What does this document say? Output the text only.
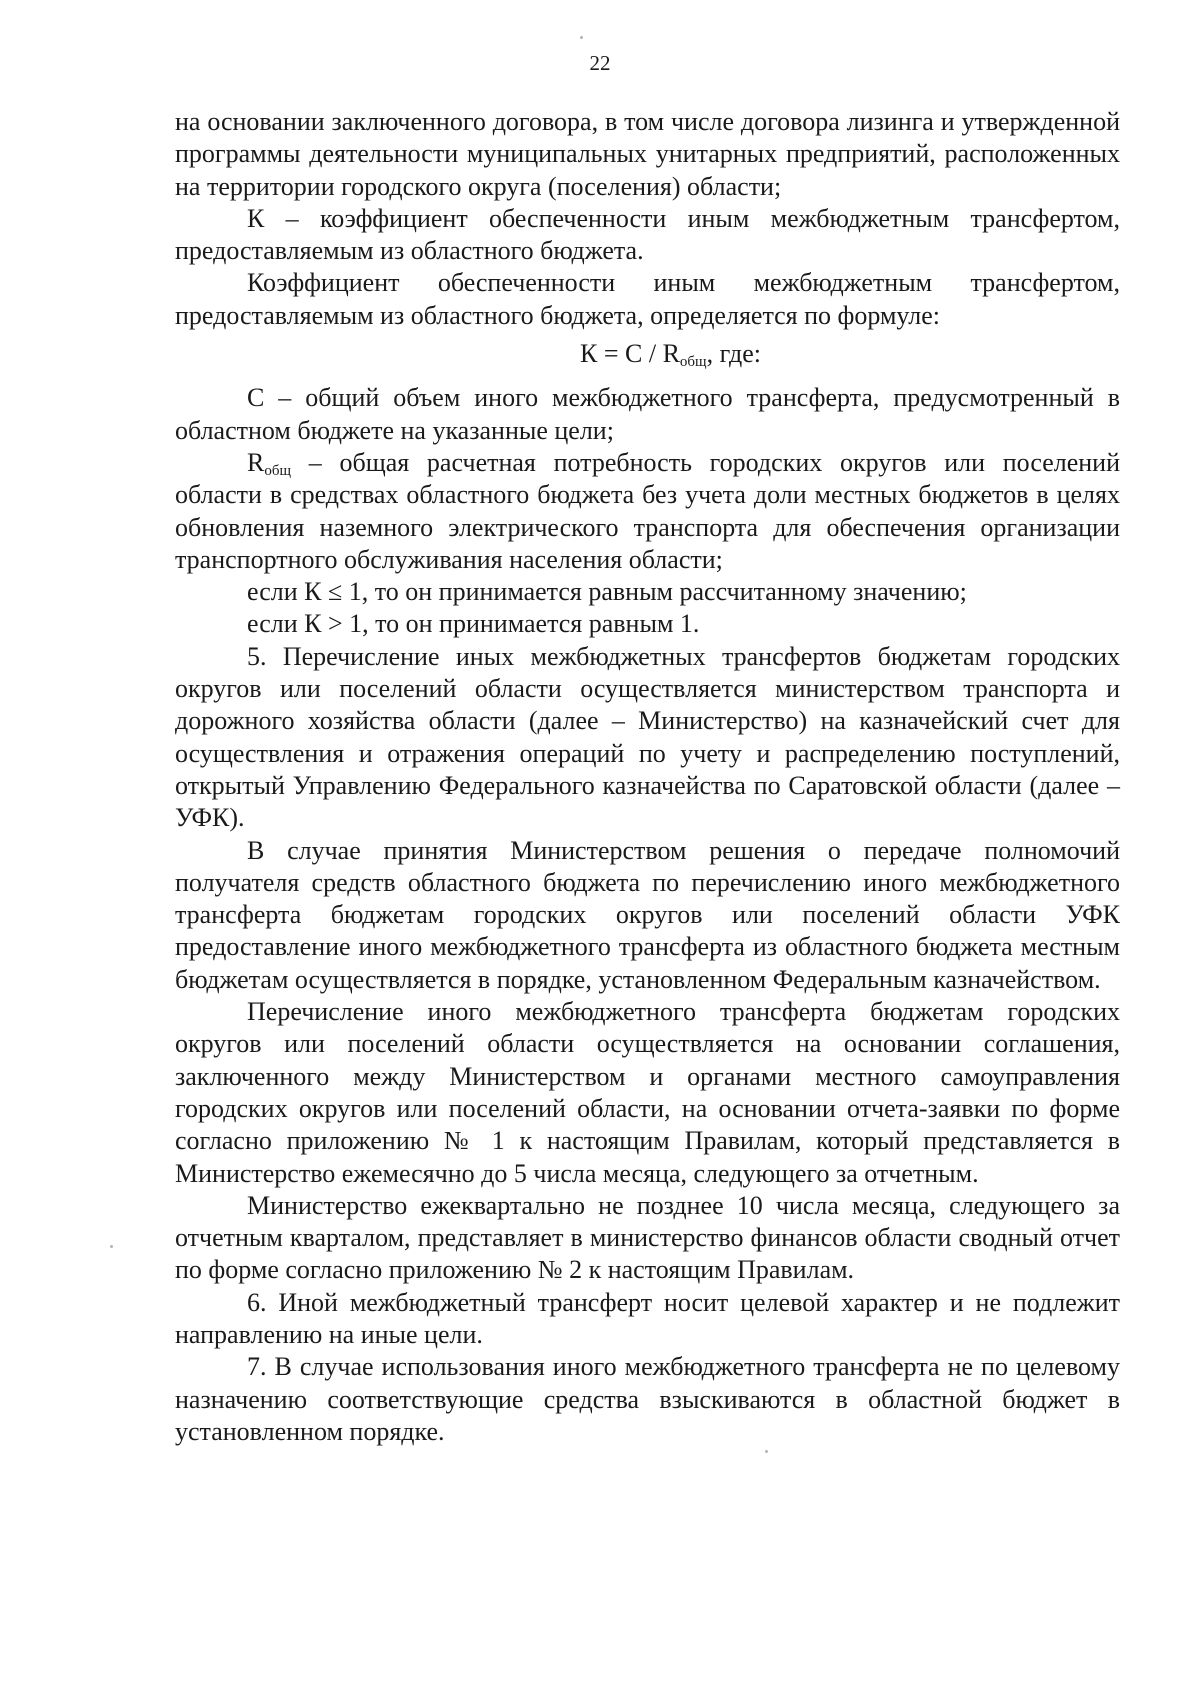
22

на основании заключенного договора, в том числе договора лизинга и утвержденной программы деятельности муниципальных унитарных предприятий, расположенных на территории городского округа (поселения) области;

К – коэффициент обеспеченности иным межбюджетным трансфертом, предоставляемым из областного бюджета.

Коэффициент обеспеченности иным межбюджетным трансфертом, предоставляемым из областного бюджета, определяется по формуле:

К = С / Rобщ, где:

С – общий объем иного межбюджетного трансферта, предусмотренный в областном бюджете на указанные цели;

Rобщ – общая расчетная потребность городских округов или поселений области в средствах областного бюджета без учета доли местных бюджетов в целях обновления наземного электрического транспорта для обеспечения организации транспортного обслуживания населения области;

если К ≤ 1, то он принимается равным рассчитанному значению;

если К > 1, то он принимается равным 1.

5. Перечисление иных межбюджетных трансфертов бюджетам городских округов или поселений области осуществляется министерством транспорта и дорожного хозяйства области (далее – Министерство) на казначейский счет для осуществления и отражения операций по учету и распределению поступлений, открытый Управлению Федерального казначейства по Саратовской области (далее – УФК).

В случае принятия Министерством решения о передаче полномочий получателя средств областного бюджета по перечислению иного межбюджетного трансферта бюджетам городских округов или поселений области УФК предоставление иного межбюджетного трансферта из областного бюджета местным бюджетам осуществляется в порядке, установленном Федеральным казначейством.

Перечисление иного межбюджетного трансферта бюджетам городских округов или поселений области осуществляется на основании соглашения, заключенного между Министерством и органами местного самоуправления городских округов или поселений области, на основании отчета-заявки по форме согласно приложению № 1 к настоящим Правилам, который представляется в Министерство ежемесячно до 5 числа месяца, следующего за отчетным.

Министерство ежеквартально не позднее 10 числа месяца, следующего за отчетным кварталом, представляет в министерство финансов области сводный отчет по форме согласно приложению № 2 к настоящим Правилам.

6. Иной межбюджетный трансферт носит целевой характер и не подлежит направлению на иные цели.

7. В случае использования иного межбюджетного трансферта не по целевому назначению соответствующие средства взыскиваются в областной бюджет в установленном порядке.
